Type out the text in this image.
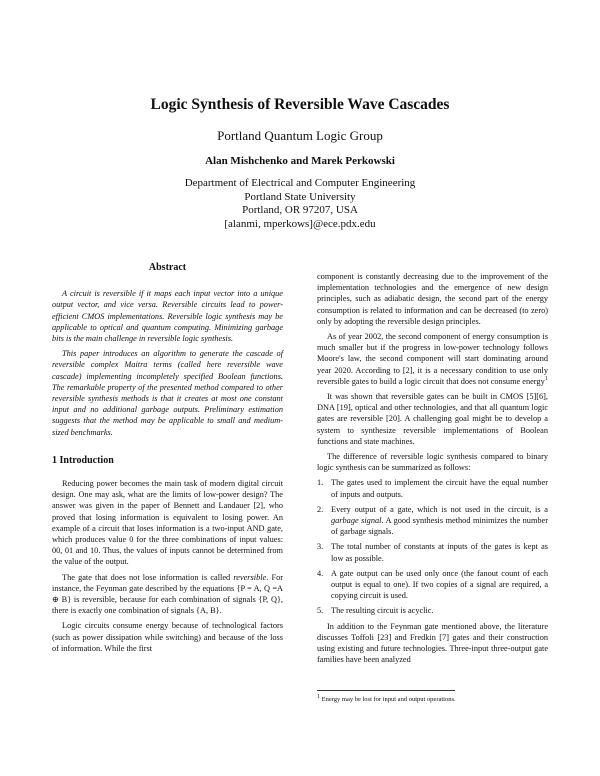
Logic Synthesis of Reversible Wave Cascades
Portland Quantum Logic Group
Alan Mishchenko and Marek Perkowski
Department of Electrical and Computer Engineering
Portland State University
Portland, OR 97207, USA
[alanmi, mperkows]@ece.pdx.edu
Abstract

A circuit is reversible if it maps each input vector into a unique output vector, and vice versa. Reversible circuits lead to power-efficient CMOS implementations. Reversible logic synthesis may be applicable to optical and quantum computing. Minimizing garbage bits is the main challenge in reversible logic synthesis.

This paper introduces an algorithm to generate the cascade of reversible complex Maitra terms (called here reversible wave cascade) implementing incompletely specified Boolean functions. The remarkable property of the presented method compared to other reversible synthesis methods is that it creates at most one constant input and no additional garbage outputs. Preliminary estimation suggests that the method may be applicable to small and medium-sized benchmarks.

1 Introduction

Reducing power becomes the main task of modern digital circuit design. One may ask, what are the limits of low-power design? The answer was given in the paper of Bennett and Landauer [2], who proved that losing information is equivalent to losing power. An example of a circuit that loses information is a two-input AND gate, which produces value 0 for the three combinations of input values: 00, 01 and 10. Thus, the values of inputs cannot be determined from the value of the output.

The gate that does not lose information is called reversible. For instance, the Feynman gate described by the equations {P = A, Q =A ⊕ B} is reversible, because for each combination of signals {P, Q}, there is exactly one combination of signals {A, B}.

Logic circuits consume energy because of technological factors (such as power dissipation while switching) and because of the loss of information. While the first

component is constantly decreasing due to the improvement of the implementation technologies and the emergence of new design principles, such as adiabatic design, the second part of the energy consumption is related to information and can be decreased (to zero) only by adopting the reversible design principles.

As of year 2002, the second component of energy consumption is much smaller but if the progress in low-power technology follows Moore's law, the second component will start dominating around year 2020. According to [2], it is a necessary condition to use only reversible gates to build a logic circuit that does not consume energy$^1$

It was shown that reversible gates can be built in CMOS [5][6], DNA [19], optical and other technologies, and that all quantum logic gates are reversible [20]. A challenging goal might be to develop a system to synthesize reversible implementations of Boolean functions and state machines.

The difference of reversible logic synthesis compared to binary logic synthesis can be summarized as follows:

1. The gates used to implement the circuit have the equal number of inputs and outputs.
2. Every output of a gate, which is not used in the circuit, is a garbage signal. A good synthesis method minimizes the number of garbage signals.
3. The total number of constants at inputs of the gates is kept as low as possible.
4. A gate output can be used only once (the fanout count of each output is equal to one). If two copies of a signal are required, a copying circuit is used.
5. The resulting circuit is acyclic.

In addition to the Feynman gate mentioned above, the literature discusses Toffoli [23] and Fredkin [7] gates and their construction using existing and future technologies. Three-input three-output gate families have been analyzed

$^1$ Energy may be lost for input and output operations.
